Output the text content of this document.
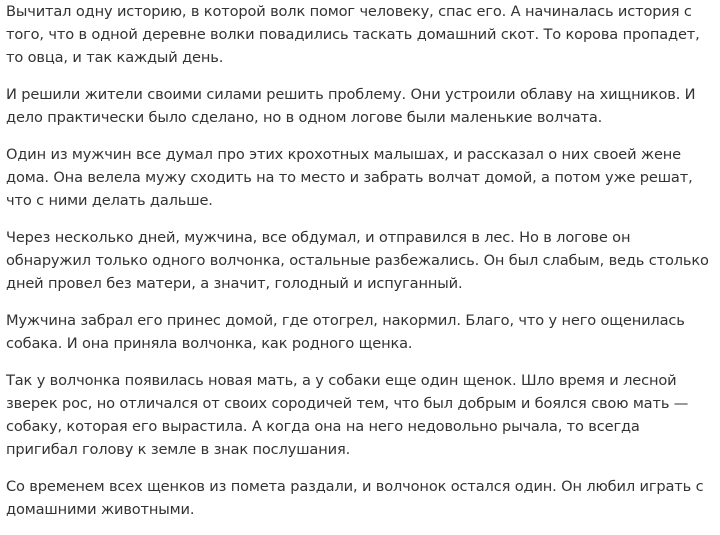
Вычитал одну историю, в которой волк помог человеку, спас его. А начиналась история с того, что в одной деревне волки повадились таскать домашний скот. То корова пропадет, то овца, и так каждый день.

И решили жители своими силами решить проблему. Они устроили облаву на хищников. И дело практически было сделано, но в одном логове были маленькие волчата.

Один из мужчин все думал про этих крохотных малышах, и рассказал о них своей жене дома. Она велела мужу сходить на то место и забрать волчат домой, а потом уже решат, что с ними делать дальше.

Через несколько дней, мужчина, все обдумал, и отправился в лес. Но в логове он обнаружил только одного волчонка, остальные разбежались. Он был слабым, ведь столько дней провел без матери, а значит, голодный и испуганный.

Мужчина забрал его принес домой, где отогрел, накормил. Благо, что у него ощенилась собака. И она приняла волчонка, как родного щенка.

Так у волчонка появилась новая мать, а у собаки еще один щенок. Шло время и лесной зверек рос, но отличался от своих сородичей тем, что был добрым и боялся свою мать — собаку, которая его вырастила. А когда она на него недовольно рычала, то всегда пригибал голову к земле в знак послушания.

Со временем всех щенков из помета раздали, и волчонок остался один. Он любил играть с домашними животными.
